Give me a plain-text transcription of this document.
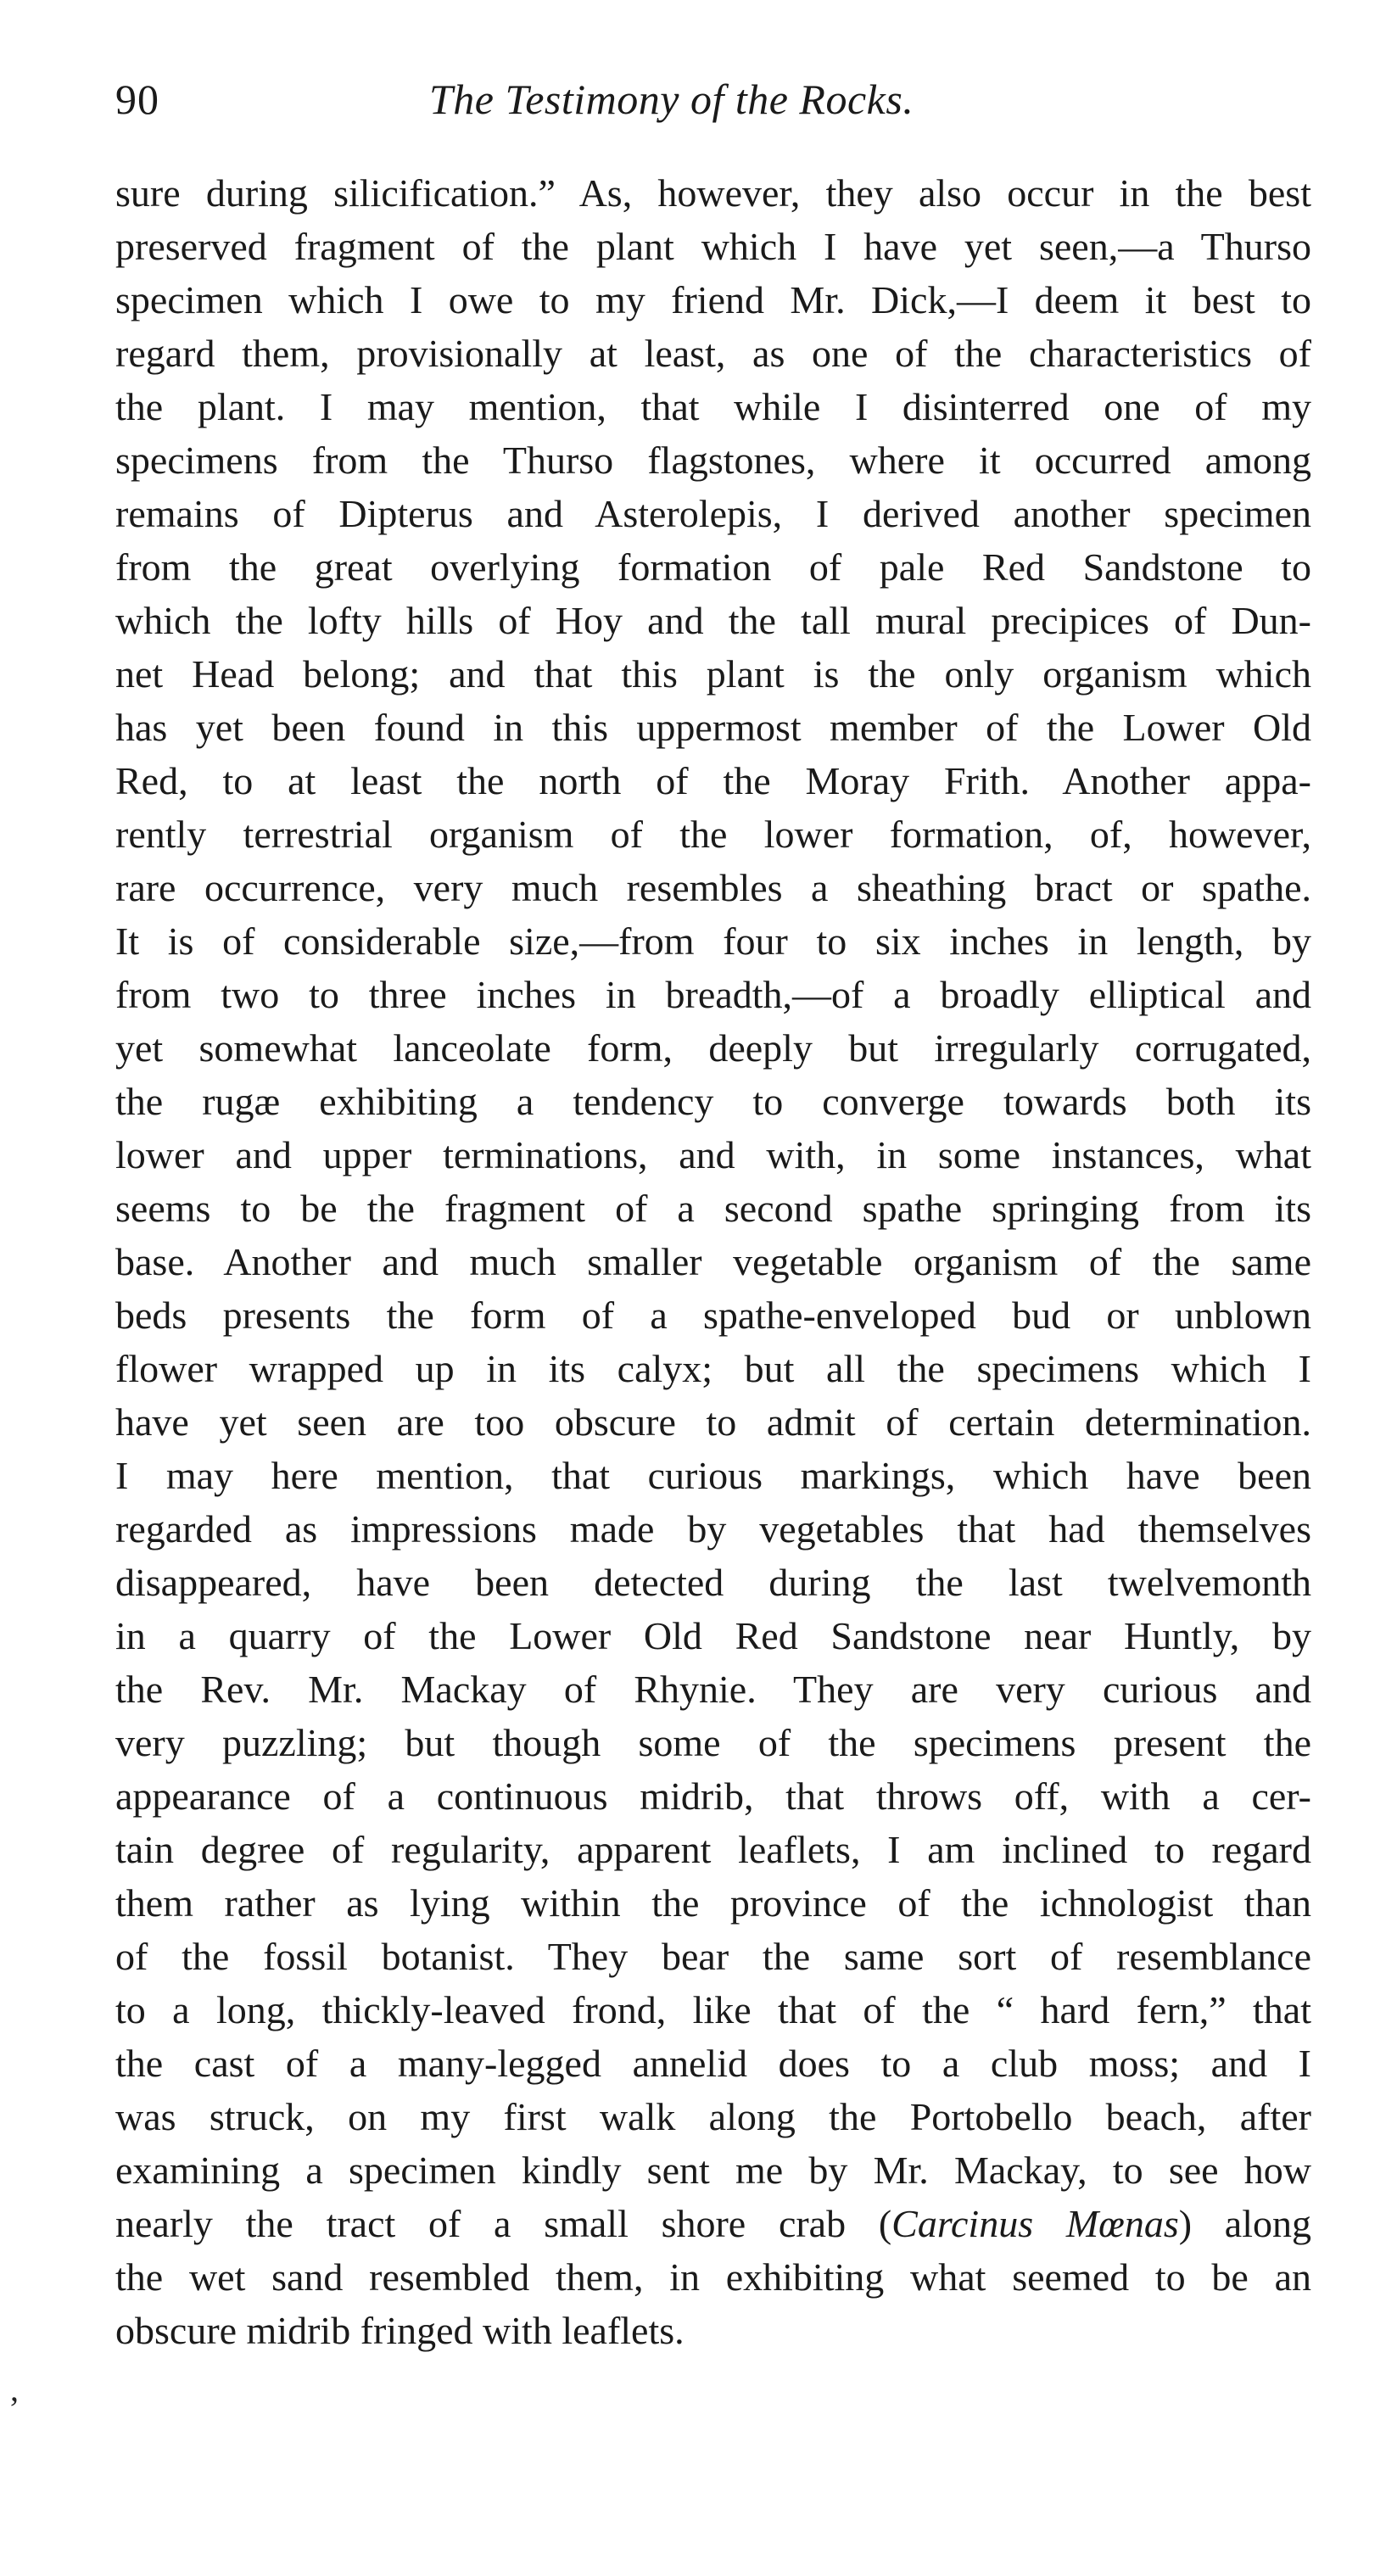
90	The Testimony of the Rocks.
sure during silicification.” As, however, they also occur in the best
preserved fragment of the plant which I have yet seen,—a Thurso
specimen which I owe to my friend Mr. Dick,—I deem it best to
regard them, provisionally at least, as one of the characteristics of
the plant. I may mention, that while I disinterred one of my
specimens from the Thurso flagstones, where it occurred among
remains of Dipterus and Asterolepis, I derived another specimen
from the great overlying formation of pale Red Sandstone to
which the lofty hills of Hoy and the tall mural precipices of Dun-
net Head belong; and that this plant is the only organism which
has yet been found in this uppermost member of the Lower Old
Red, to at least the north of the Moray Frith. Another appa-
rently terrestrial organism of the lower formation, of, however,
rare occurrence, very much resembles a sheathing bract or spathe.
It is of considerable size,—from four to six inches in length, by
from two to three inches in breadth,—of a broadly elliptical and
yet somewhat lanceolate form, deeply but irregularly corrugated,
the rugæ exhibiting a tendency to converge towards both its
lower and upper terminations, and with, in some instances, what
seems to be the fragment of a second spathe springing from its
base. Another and much smaller vegetable organism of the same
beds presents the form of a spathe-enveloped bud or unblown
flower wrapped up in its calyx; but all the specimens which I
have yet seen are too obscure to admit of certain determination.
I may here mention, that curious markings, which have been
regarded as impressions made by vegetables that had themselves
disappeared, have been detected during the last twelvemonth
in a quarry of the Lower Old Red Sandstone near Huntly, by
the Rev. Mr. Mackay of Rhynie. They are very curious and
very puzzling; but though some of the specimens present the
appearance of a continuous midrib, that throws off, with a cer-
tain degree of regularity, apparent leaflets, I am inclined to regard
them rather as lying within the province of the ichnologist than
of the fossil botanist. They bear the same sort of resemblance
to a long, thickly-leaved frond, like that of the “ hard fern,” that
the cast of a many-legged annelid does to a club moss; and I
was struck, on my first walk along the Portobello beach, after
examining a specimen kindly sent me by Mr. Mackay, to see how
nearly the tract of a small shore crab (Carcinus Mœnas) along
the wet sand resembled them, in exhibiting what seemed to be an
obscure midrib fringed with leaflets.
’
